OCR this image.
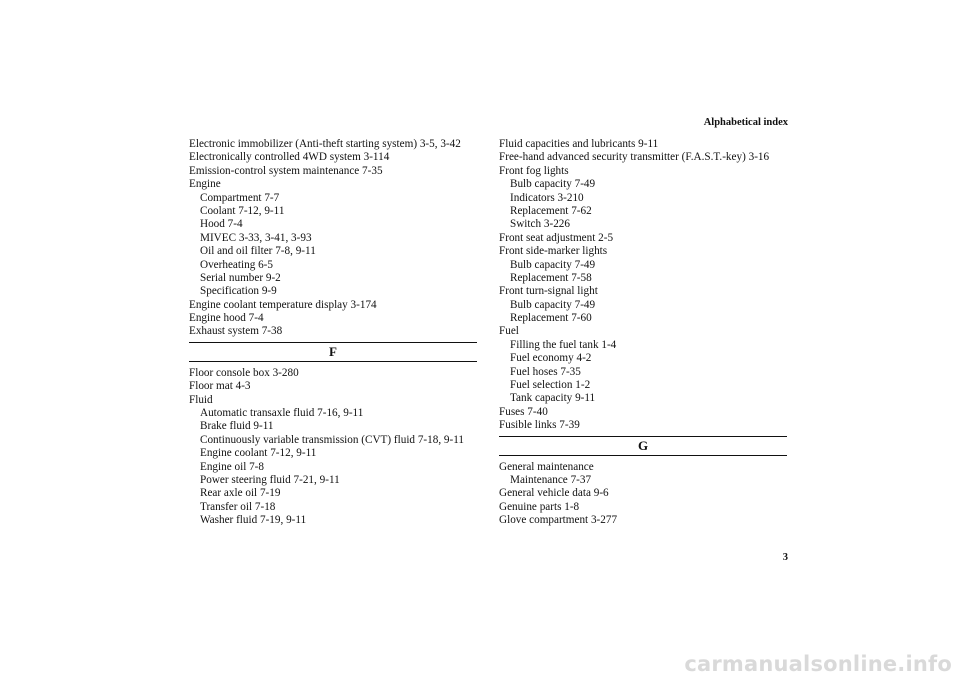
Alphabetical index
Electronic immobilizer (Anti-theft starting system) 3-5, 3-42
Electronically controlled 4WD system 3-114
Emission-control system maintenance 7-35
Engine
Compartment 7-7
Coolant 7-12, 9-11
Hood 7-4
MIVEC 3-33, 3-41, 3-93
Oil and oil filter 7-8, 9-11
Overheating 6-5
Serial number 9-2
Specification 9-9
Engine coolant temperature display 3-174
Engine hood 7-4
Exhaust system 7-38
F
Floor console box 3-280
Floor mat 4-3
Fluid
Automatic transaxle fluid 7-16, 9-11
Brake fluid 9-11
Continuously variable transmission (CVT) fluid 7-18, 9-11
Engine coolant 7-12, 9-11
Engine oil 7-8
Power steering fluid 7-21, 9-11
Rear axle oil 7-19
Transfer oil 7-18
Washer fluid 7-19, 9-11
Fluid capacities and lubricants 9-11
Free-hand advanced security transmitter (F.A.S.T.-key) 3-16
Front fog lights
Bulb capacity 7-49
Indicators 3-210
Replacement 7-62
Switch 3-226
Front seat adjustment 2-5
Front side-marker lights
Bulb capacity 7-49
Replacement 7-58
Front turn-signal light
Bulb capacity 7-49
Replacement 7-60
Fuel
Filling the fuel tank 1-4
Fuel economy 4-2
Fuel hoses 7-35
Fuel selection 1-2
Tank capacity 9-11
Fuses 7-40
Fusible links 7-39
G
General maintenance
Maintenance 7-37
General vehicle data 9-6
Genuine parts 1-8
Glove compartment 3-277
3
carmanualsonline.info
